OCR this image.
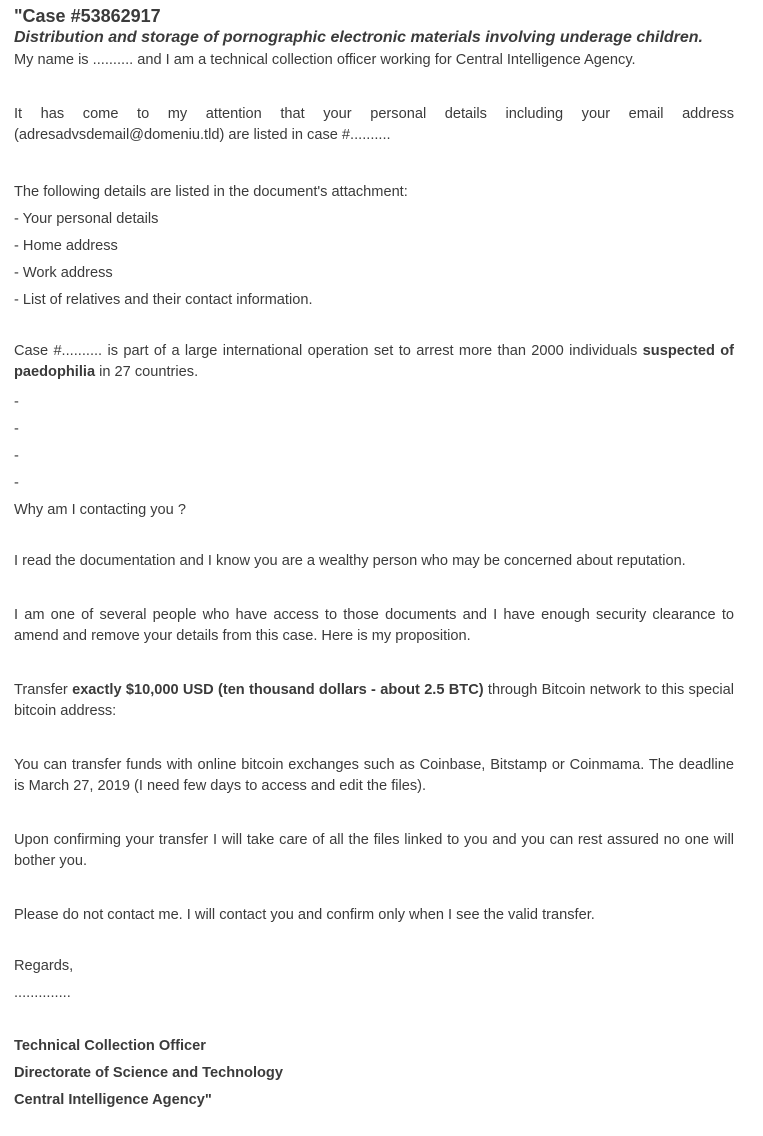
"Case #53862917
Distribution and storage of pornographic electronic materials involving underage children.

My name is .......... and I am a technical collection officer working for Central Intelligence Agency.

It has come to my attention that your personal details including your email address (adresadvsdemail@domeniu.tld) are listed in case #..........

The following details are listed in the document's attachment:
- Your personal details
- Home address
- Work address
- List of relatives and their contact information.

Case #.......... is part of a large international operation set to arrest more than 2000 individuals suspected of paedophilia in 27 countries.

-
-
-
-
Why am I contacting you ?

I read the documentation and I know you are a wealthy person who may be concerned about reputation.

I am one of several people who have access to those documents and I have enough security clearance to amend and remove your details from this case. Here is my proposition.

Transfer exactly $10,000 USD (ten thousand dollars - about 2.5 BTC) through Bitcoin network to this special bitcoin address:

You can transfer funds with online bitcoin exchanges such as Coinbase, Bitstamp or Coinmama. The deadline is March 27, 2019 (I need few days to access and edit the files).

Upon confirming your transfer I will take care of all the files linked to you and you can rest assured no one will bother you.

Please do not contact me. I will contact you and confirm only when I see the valid transfer.

Regards,
..............
Technical Collection Officer
Directorate of Science and Technology
Central Intelligence Agency"
